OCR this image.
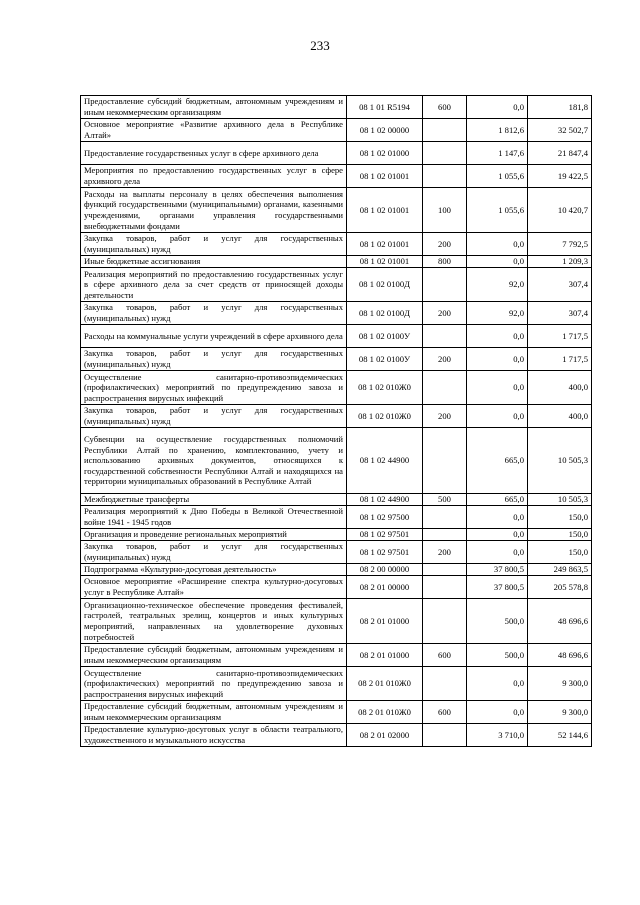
233
Предоставление субсидий бюджетным, автономным учреждениям и иным некоммерческим организациям	08 1 01 R5194	600	0,0	181,8
Основное мероприятие «Развитие архивного дела в Республике Алтай»	08 1 02 00000		1 812,6	32 502,7
Предоставление государственных услуг в сфере архивного дела	08 1 02 01000		1 147,6	21 847,4
Мероприятия по предоставлению государственных услуг в сфере архивного дела	08 1 02 01001		1 055,6	19 422,5
Расходы на выплаты персоналу в целях обеспечения выполнения функций государственными (муниципальными) органами, казенными учреждениями, органами управления государственными внебюджетными фондами	08 1 02 01001	100	1 055,6	10 420,7
Закупка товаров, работ и услуг для государственных (муниципальных) нужд	08 1 02 01001	200	0,0	7 792,5
Иные бюджетные ассигнования	08 1 02 01001	800	0,0	1 209,3
Реализация мероприятий по предоставлению государственных услуг в сфере архивного дела за счет средств от приносящей доходы деятельности	08 1 02 0100Д		92,0	307,4
Закупка товаров, работ и услуг для государственных (муниципальных) нужд	08 1 02 0100Д	200	92,0	307,4
Расходы на коммунальные услуги учреждений в сфере архивного дела	08 1 02 0100У		0,0	1 717,5
Закупка товаров, работ и услуг для государственных (муниципальных) нужд	08 1 02 0100У	200	0,0	1 717,5
Осуществление санитарно-противоэпидемических (профилактических) мероприятий по предупреждению завоза и распространения вирусных инфекций	08 1 02 010Ж0		0,0	400,0
Закупка товаров, работ и услуг для государственных (муниципальных) нужд	08 1 02 010Ж0	200	0,0	400,0
Субвенции на осуществление государственных полномочий Республики Алтай по хранению, комплектованию, учету и использованию архивных документов, относящихся к государственной собственности Республики Алтай и находящихся на территории муниципальных образований в Республике Алтай	08 1 02 44900		665,0	10 505,3
Межбюджетные трансферты	08 1 02 44900	500	665,0	10 505,3
Реализация мероприятий к Дню Победы в Великой Отечественной войне 1941 - 1945 годов	08 1 02 97500		0,0	150,0
Организация и проведение региональных мероприятий	08 1 02 97501		0,0	150,0
Закупка товаров, работ и услуг для государственных (муниципальных) нужд	08 1 02 97501	200	0,0	150,0
Подпрограмма «Культурно-досуговая деятельность»	08 2 00 00000		37 800,5	249 863,5
Основное мероприятие «Расширение спектра культурно-досуговых услуг в Республике Алтай»	08 2 01 00000		37 800,5	205 578,8
Организационно-техническое обеспечение проведения фестивалей, гастролей, театральных зрелищ, концертов и иных культурных мероприятий, направленных на удовлетворение духовных потребностей	08 2 01 01000		500,0	48 696,6
Предоставление субсидий бюджетным, автономным учреждениям и иным некоммерческим организациям	08 2 01 01000	600	500,0	48 696,6
Осуществление санитарно-противоэпидемических (профилактических) мероприятий по предупреждению завоза и распространения вирусных инфекций	08 2 01 010Ж0		0,0	9 300,0
Предоставление субсидий бюджетным, автономным учреждениям и иным некоммерческим организациям	08 2 01 010Ж0	600	0,0	9 300,0
Предоставление культурно-досуговых услуг в области театрального, художественного и музыкального искусства	08 2 01 02000		3 710,0	52 144,6
